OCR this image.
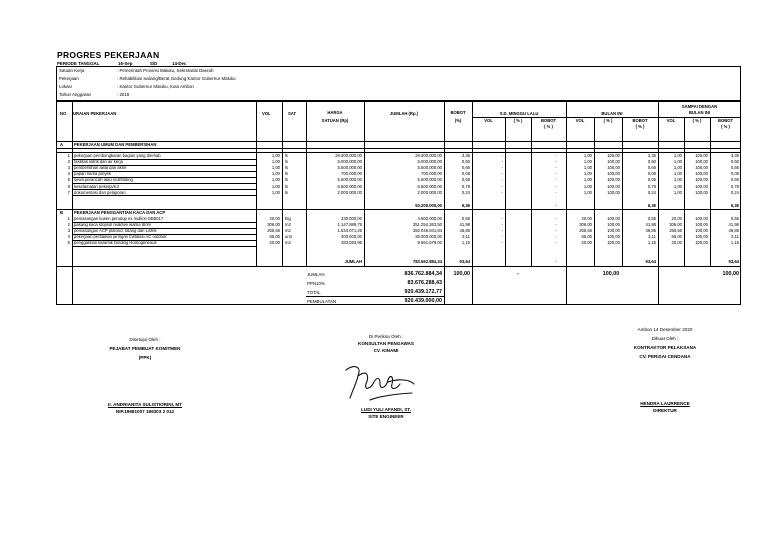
PROGRES PEKERJAAN
PERIODE TANGGAL	16-Sep	S/D	14-Dec
Satuan Kerja	: Pemerintah Provinsi Maluku, Sekretariat Daerah
Pekerjaan	: Rehabilitasi sedang/Berat Gedung Kantor Gubernur Maluku
Lokasi	: Kantor Gubernur Maluku, Kota Ambon
Tahun Anggaran	: 2019
NO URAIAN PEKERJAAN	VOL	SAT	HARGA
SATUAN (Rp)
JUMLAH (Rp.)	BOBOT
(%)
S.D. MINGGU LALU	BULAN INI
SAMPAI DENGAN
BULAN INI
VOL	( % )	BOBOT
( % )
VOL	( % )	BOBOT
( % )
VOL	( % )	BOBOT
( % )
A	PEKERJAAN UMUM DAN PEMBERSIHAN
1 pekerjaan pembongkaran bagian yang direhab	1,00 ls	28.000.000,00	28.000.000,00	3,35	-	-	1,00	100,00	3,35	1,00	100,00	3,35
2 fasilitas listrik dan air kerja	1,00 ls	5.000.000,00	5.000.000,00	0,60	-	-	1,00	100,00	0,60	1,00	100,00	0,60
3 pembersihan awal dan akhir	1,00 ls	5.500.000,00	5.500.000,00	0,66	-	-	1,00	100,00	0,66	1,00	100,00	0,66
4 papan nama proyek	1,00 ls	700.000,00	700.000,00	0,08	-	-	1,00	100,00	0,08	1,00	100,00	0,08
5 sewa perancah atau scaffolding	1,00 ls	5.500.000,00	5.500.000,00	0,66	-	-	1,00	100,00	0,66	1,00	100,00	0,66
6 keselamatan pekerja/K3	1,00 ls	6.500.000,00	6.500.000,00	0,78	-	-	1,00	100,00	0,78	1,00	100,00	0,78
7 dokumentasi dan pelaporan	1,00 ls	2.000.000,00	2.000.000,00	0,24	-	-	1,00	100,00	0,24	1,00	100,00	0,24
53.200.000,00	6,36	-	6,36	6,36
B	PEKERJAAN PENGGANTIAN KACA DAN ACP
1 pemasangan kusen penutup ex mullion DB5017	20,00 btg	230.000,00	4.600.000,00	0,55	-	-	20,00	100,00	0,55	20,00	100,00	0,55
2 pasang kaca stopsol reaktive warna 6mm	306,00 m2	1.147.889,75	351.254.263,50	41,98	-	-	306,00	100,00	41,98	306,00	100,00	41,98
3 pemasangan ACP plafond, talang dan Listrik	255,56 m2	1.534.071,25	392.046.941,84	46,85	-	-	255,56	100,00	46,85	255,56	100,00	46,85
4 pekerjaan perbaikan jaringan Instalasi AC outdoor	65,00 unit	400.000,00	26.000.000,00	3,11	-	-	65,00	100,00	3,11	65,00	100,00	3,11
5 penggantian karamik Dinding Homogeneous	20,00 m2	483.083,95	9.661.679,00	1,15	-	-	20,00	100,00	1,15	20,00	100,00	1,15
JUMLAH	783.562.884,34	93,64	-	93,64	93,64
JUMLAH	836.762.884,34	100,00	-	100,00	100,00
PPN10%	83.676.288,43
TOTAL	920.439.172,77
PEMBULATAN	920.439.000,00
Disetujui Oleh :
PEJABAT PEMBUAT KOMITMEN
(PPK)
Ir. ANDRIANITA SULISTIORINI, MT
NIP.19681007 199303 2 012
Di Periksa Oleh :
KONSULTAN PENGAWAS
CV. KINAMI
LUDI YULI AFANDI, ST.
SITE ENGINEER
Ambon 14 Desember 2020
Dibuat Oleh :
KONTRAKTOR PELAKSANA
CV. PERISAI CENDANA
HENDRA LAURRENCE
DIREKTUR
